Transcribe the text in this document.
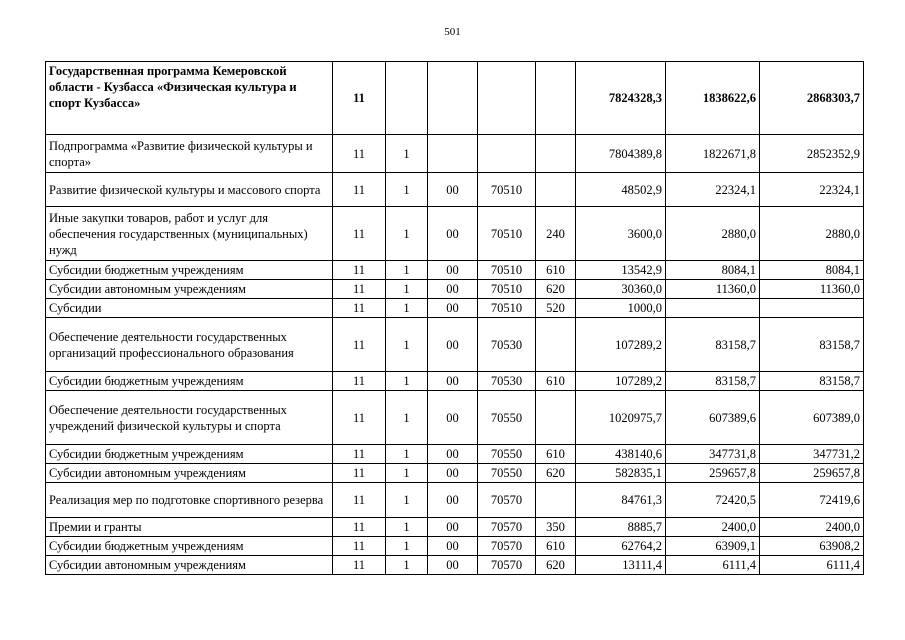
501
Государственная программа Кемеровской области - Кузбасса «Физическая культура и спорт Кузбасса»	11					7824328,3	1838622,6	2868303,7
Подпрограмма «Развитие физической культуры и спорта»	11	1				7804389,8	1822671,8	2852352,9
Развитие физической культуры и массового спорта	11	1	00	70510		48502,9	22324,1	22324,1
Иные закупки товаров, работ и услуг для обеспечения государственных (муниципальных) нужд	11	1	00	70510	240	3600,0	2880,0	2880,0
Субсидии бюджетным учреждениям	11	1	00	70510	610	13542,9	8084,1	8084,1
Субсидии автономным учреждениям	11	1	00	70510	620	30360,0	11360,0	11360,0
Субсидии	11	1	00	70510	520	1000,0		
Обеспечение деятельности государственных организаций профессионального образования	11	1	00	70530		107289,2	83158,7	83158,7
Субсидии бюджетным учреждениям	11	1	00	70530	610	107289,2	83158,7	83158,7
Обеспечение деятельности государственных учреждений физической культуры и спорта	11	1	00	70550		1020975,7	607389,6	607389,0
Субсидии бюджетным учреждениям	11	1	00	70550	610	438140,6	347731,8	347731,2
Субсидии автономным учреждениям	11	1	00	70550	620	582835,1	259657,8	259657,8
Реализация мер по подготовке спортивного резерва	11	1	00	70570		84761,3	72420,5	72419,6
Премии и гранты	11	1	00	70570	350	8885,7	2400,0	2400,0
Субсидии бюджетным учреждениям	11	1	00	70570	610	62764,2	63909,1	63908,2
Субсидии автономным учреждениям	11	1	00	70570	620	13111,4	6111,4	6111,4
